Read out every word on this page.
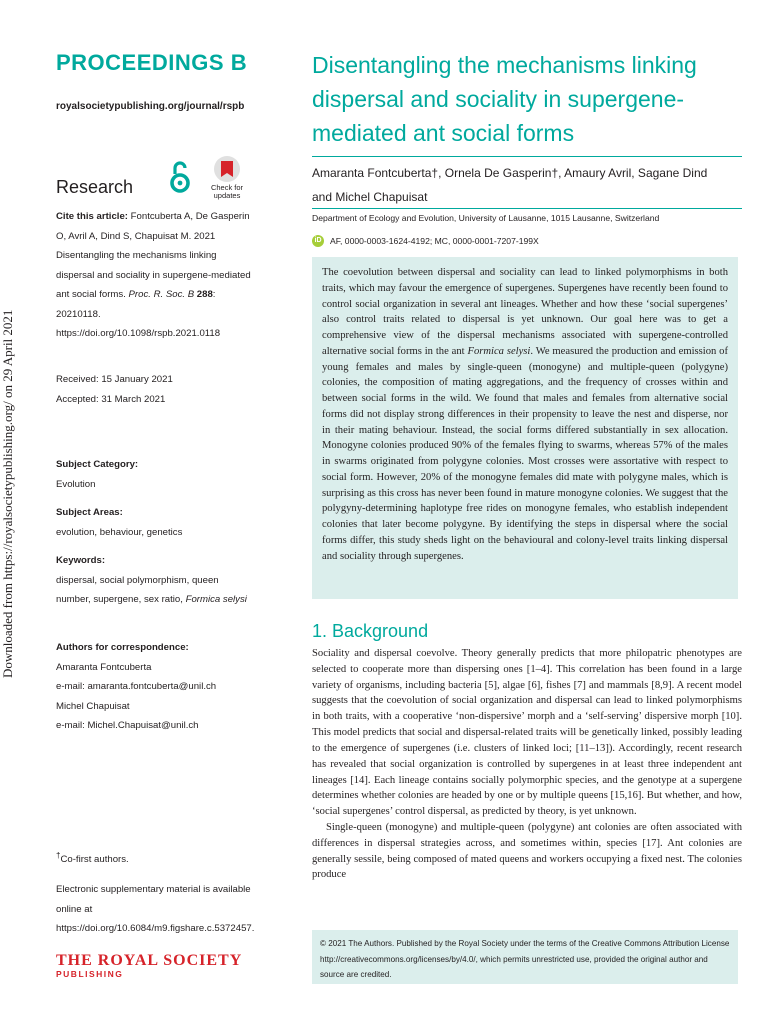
Downloaded from https://royalsocietypublishing.org/ on 29 April 2021
PROCEEDINGS B
royalsocietypublishing.org/journal/rspb
Research	Check for updates
Cite this article: Fontcuberta A, De Gasperin O, Avril A, Dind S, Chapuisat M. 2021 Disentangling the mechanisms linking dispersal and sociality in supergene-mediated ant social forms. Proc. R. Soc. B 288: 20210118. https://doi.org/10.1098/rspb.2021.0118
Received: 15 January 2021
Accepted: 31 March 2021
Subject Category:
Evolution
Subject Areas:
evolution, behaviour, genetics
Keywords:
dispersal, social polymorphism, queen number, supergene, sex ratio, Formica selysi
Authors for correspondence:
Amaranta Fontcuberta
e-mail: amaranta.fontcuberta@unil.ch
Michel Chapuisat
e-mail: Michel.Chapuisat@unil.ch
†Co-first authors.
Electronic supplementary material is available online at https://doi.org/10.6084/m9.figshare.c.5372457.
THE ROYAL SOCIETY
PUBLISHING
Disentangling the mechanisms linking dispersal and sociality in supergene-mediated ant social forms
Amaranta Fontcuberta†, Ornela De Gasperin†, Amaury Avril, Sagane Dind and Michel Chapuisat
Department of Ecology and Evolution, University of Lausanne, 1015 Lausanne, Switzerland
iD AF, 0000-0003-1624-4192; MC, 0000-0001-7207-199X
The coevolution between dispersal and sociality can lead to linked polymorphisms in both traits, which may favour the emergence of supergenes. Supergenes have recently been found to control social organization in several ant lineages. Whether and how these ‘social supergenes’ also control traits related to dispersal is yet unknown. Our goal here was to get a comprehensive view of the dispersal mechanisms associated with supergene-controlled alternative social forms in the ant Formica selysi. We measured the production and emission of young females and males by single-queen (monogyne) and multiple-queen (polygyne) colonies, the composition of mating aggregations, and the frequency of crosses within and between social forms in the wild. We found that males and females from alternative social forms did not display strong differences in their propensity to leave the nest and disperse, nor in their mating behaviour. Instead, the social forms differed substantially in sex allocation. Monogyne colonies produced 90% of the females flying to swarms, whereas 57% of the males in swarms originated from polygyne colonies. Most crosses were assortative with respect to social form. However, 20% of the monogyne females did mate with polygyne males, which is surprising as this cross has never been found in mature monogyne colonies. We suggest that the polygyny-determining haplotype free rides on monogyne females, who establish independent colonies that later become polygyne. By identifying the steps in dispersal where the social forms differ, this study sheds light on the behavioural and colony-level traits linking dispersal and sociality through supergenes.
1. Background

Sociality and dispersal coevolve. Theory generally predicts that more philopatric phenotypes are selected to cooperate more than dispersing ones [1–4]. This correlation has been found in a large variety of organisms, including bacteria [5], algae [6], fishes [7] and mammals [8,9]. A recent model suggests that the coevolution of social organization and dispersal can lead to linked polymorphisms in both traits, with a cooperative ‘non-dispersive’ morph and a ‘self-serving’ dispersive morph [10]. This model predicts that social and dispersal-related traits will be genetically linked, possibly leading to the emergence of supergenes (i.e. clusters of linked loci; [11–13]). Accordingly, recent research has revealed that social organization is controlled by supergenes in at least three independent ant lineages [14]. Each lineage contains socially polymorphic species, and the genotype at a supergene determines whether colonies are headed by one or by multiple queens [15,16]. But whether, and how, ‘social supergenes’ control dispersal, as predicted by theory, is yet unknown.

Single-queen (monogyne) and multiple-queen (polygyne) ant colonies are often associated with differences in dispersal strategies across, and sometimes within, species [17]. Ant colonies are generally sessile, being composed of mated queens and workers occupying a fixed nest. The colonies produce

© 2021 The Authors. Published by the Royal Society under the terms of the Creative Commons Attribution License http://creativecommons.org/licenses/by/4.0/, which permits unrestricted use, provided the original author and source are credited.
